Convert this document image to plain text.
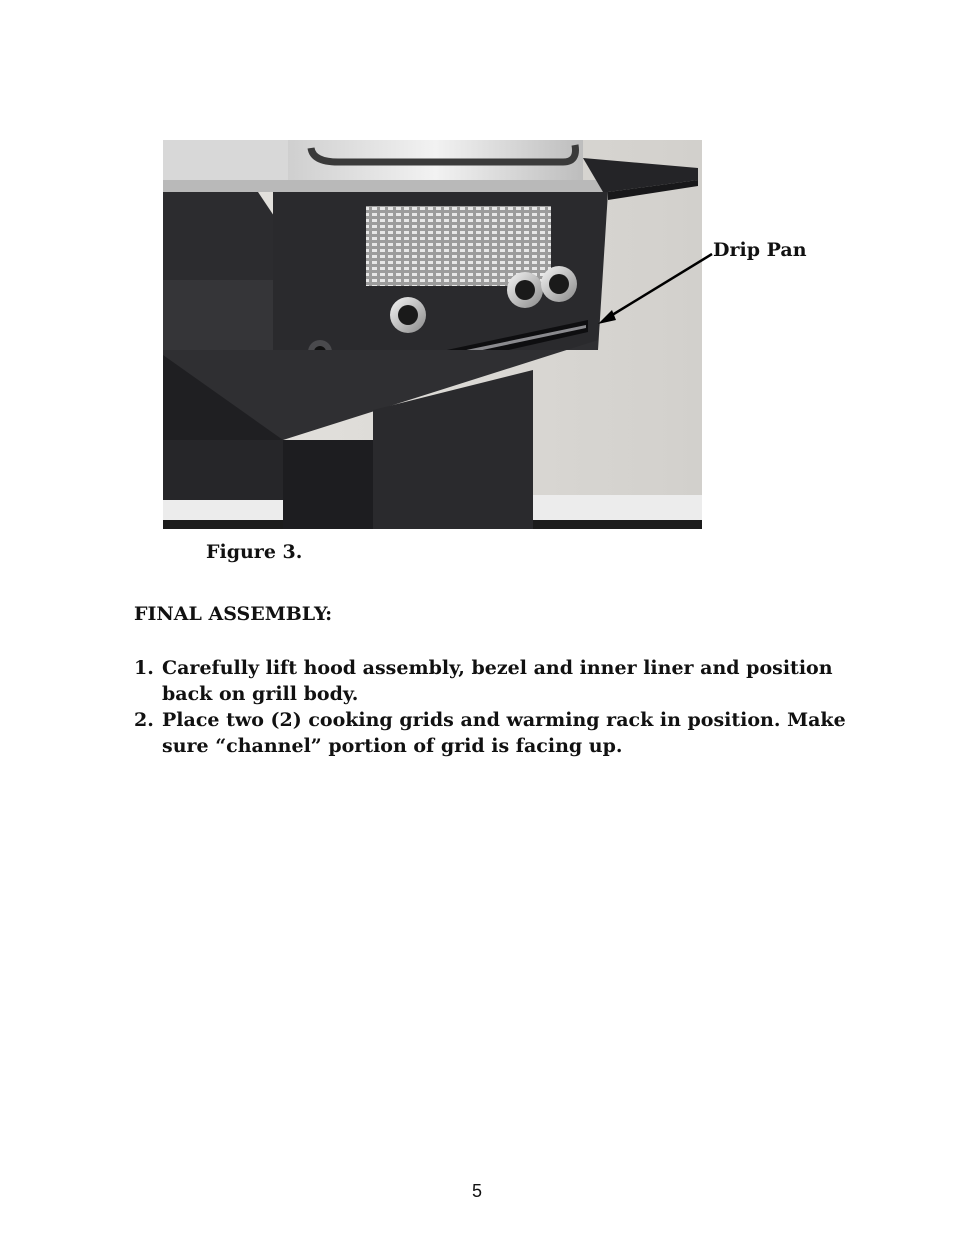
Drip Pan
Figure 3.
FINAL ASSEMBLY:
1. Carefully lift hood assembly, bezel and inner liner and position back on grill body.
2. Place two (2) cooking grids and warming rack in position. Make sure “channel” portion of grid is facing up.
5
